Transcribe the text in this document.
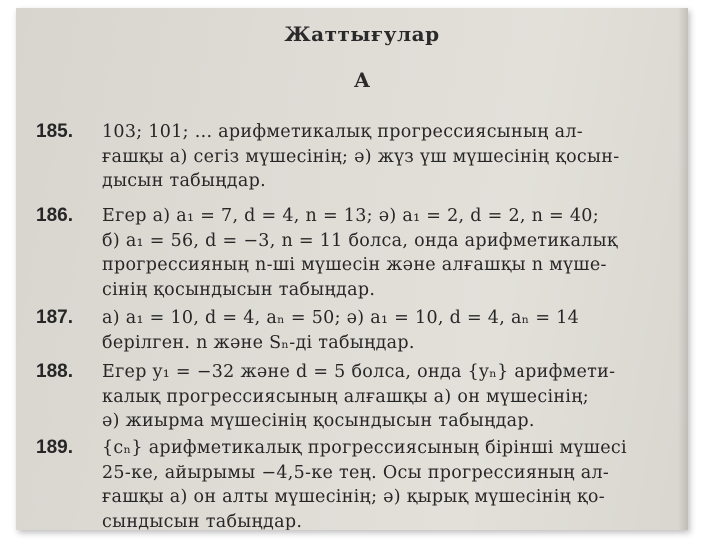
Жаттығулар
А
185.	103; 101; ... арифметикалық прогрессиясының ал-
ғашқы а) сегіз мүшесінің; ә) жүз үш мүшесінің қосын-
дысын табыңдар.
186.	Егер а) a₁ = 7, d = 4, n = 13; ә) a₁ = 2, d = 2, n = 40;
б) a₁ = 56, d = −3, n = 11 болса, онда арифметикалық
прогрессияның n-ші мүшесін және алғашқы n мүше-
сінің қосындысын табыңдар.
187.	а) a₁ = 10, d = 4, aₙ = 50; ә) a₁ = 10, d = 4, aₙ = 14
берілген. n және Sₙ-ді табыңдар.
188.	Егер y₁ = −32 және d = 5 болса, онда {yₙ} арифмети-
калық прогрессиясының алғашқы а) он мүшесінің;
ә) жиырма мүшесінің қосындысын табыңдар.
189.	{cₙ} арифметикалық прогрессиясының бірінші мүшесі
25-ке, айырымы −4,5-ке тең. Осы прогрессияның ал-
ғашқы а) он алты мүшесінің; ә) қырық мүшесінің қо-
сындысын табыңдар.
